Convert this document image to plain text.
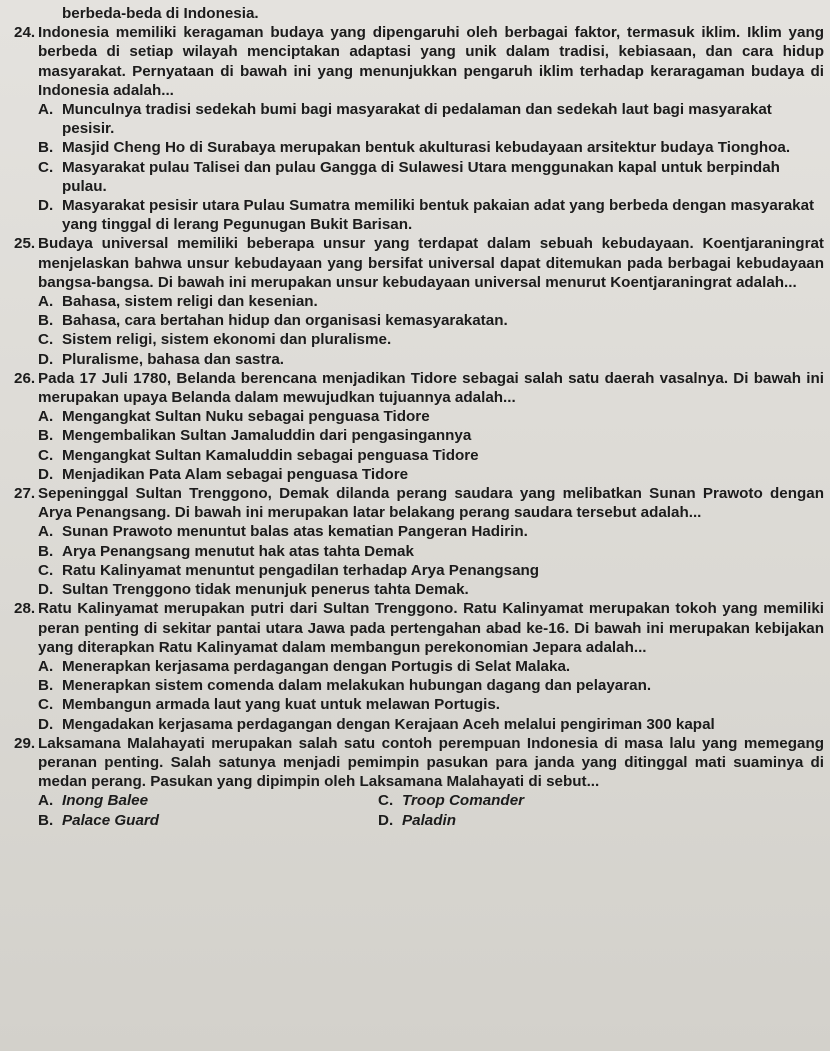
berbeda-beda di Indonesia.

24. Indonesia memiliki keragaman budaya yang dipengaruhi oleh berbagai faktor, termasuk iklim. Iklim yang berbeda di setiap wilayah menciptakan adaptasi yang unik dalam tradisi, kebiasaan, dan cara hidup masyarakat. Pernyataan di bawah ini yang menunjukkan pengaruh iklim terhadap keraragaman budaya di Indonesia adalah...

A. Munculnya tradisi sedekah bumi bagi masyarakat di pedalaman dan sedekah laut bagi masyarakat pesisir.

B. Masjid Cheng Ho di Surabaya merupakan bentuk akulturasi kebudayaan arsitektur budaya Tionghoa.

C. Masyarakat pulau Talisei dan pulau Gangga di Sulawesi Utara menggunakan kapal untuk berpindah pulau.

D. Masyarakat pesisir utara Pulau Sumatra memiliki bentuk pakaian adat yang berbeda dengan masyarakat yang tinggal di lerang Pegunugan Bukit Barisan.

25. Budaya universal memiliki beberapa unsur yang terdapat dalam sebuah kebudayaan. Koentjaraningrat menjelaskan bahwa unsur kebudayaan yang bersifat universal dapat ditemukan pada berbagai kebudayaan bangsa-bangsa. Di bawah ini merupakan unsur kebudayaan universal menurut Koentjaraningrat adalah...

A. Bahasa, sistem religi dan kesenian.

B. Bahasa, cara bertahan hidup dan organisasi kemasyarakatan.

C. Sistem religi, sistem ekonomi dan pluralisme.

D. Pluralisme, bahasa dan sastra.

26. Pada 17 Juli 1780, Belanda berencana menjadikan Tidore sebagai salah satu daerah vasalnya. Di bawah ini merupakan upaya Belanda dalam mewujudkan tujuannya adalah...

A. Mengangkat Sultan Nuku sebagai penguasa Tidore

B. Mengembalikan Sultan Jamaluddin dari pengasingannya

C. Mengangkat Sultan Kamaluddin sebagai penguasa Tidore

D. Menjadikan Pata Alam sebagai penguasa Tidore

27. Sepeninggal Sultan Trenggono, Demak dilanda perang saudara yang melibatkan Sunan Prawoto dengan Arya Penangsang. Di bawah ini merupakan latar belakang perang saudara tersebut adalah...

A. Sunan Prawoto menuntut balas atas kematian Pangeran Hadirin.

B. Arya Penangsang menutut hak atas tahta Demak

C. Ratu Kalinyamat menuntut pengadilan terhadap Arya Penangsang

D. Sultan Trenggono tidak menunjuk penerus tahta Demak.

28. Ratu Kalinyamat merupakan putri dari Sultan Trenggono. Ratu Kalinyamat merupakan tokoh yang memiliki peran penting di sekitar pantai utara Jawa pada pertengahan abad ke-16. Di bawah ini merupakan kebijakan yang diterapkan Ratu Kalinyamat dalam membangun perekonomian Jepara adalah...

A. Menerapkan kerjasama perdagangan dengan Portugis di Selat Malaka.

B. Menerapkan sistem comenda dalam melakukan hubungan dagang dan pelayaran.

C. Membangun armada laut yang kuat untuk melawan Portugis.

D. Mengadakan kerjasama perdagangan dengan Kerajaan Aceh melalui pengiriman 300 kapal

29. Laksamana Malahayati merupakan salah satu contoh perempuan Indonesia di masa lalu yang memegang peranan penting. Salah satunya menjadi pemimpin pasukan para janda yang ditinggal mati suaminya di medan perang. Pasukan yang dipimpin oleh Laksamana Malahayati di sebut...

A. Inong Balee	C. Troop Comander

B. Palace Guard	D. Paladin
